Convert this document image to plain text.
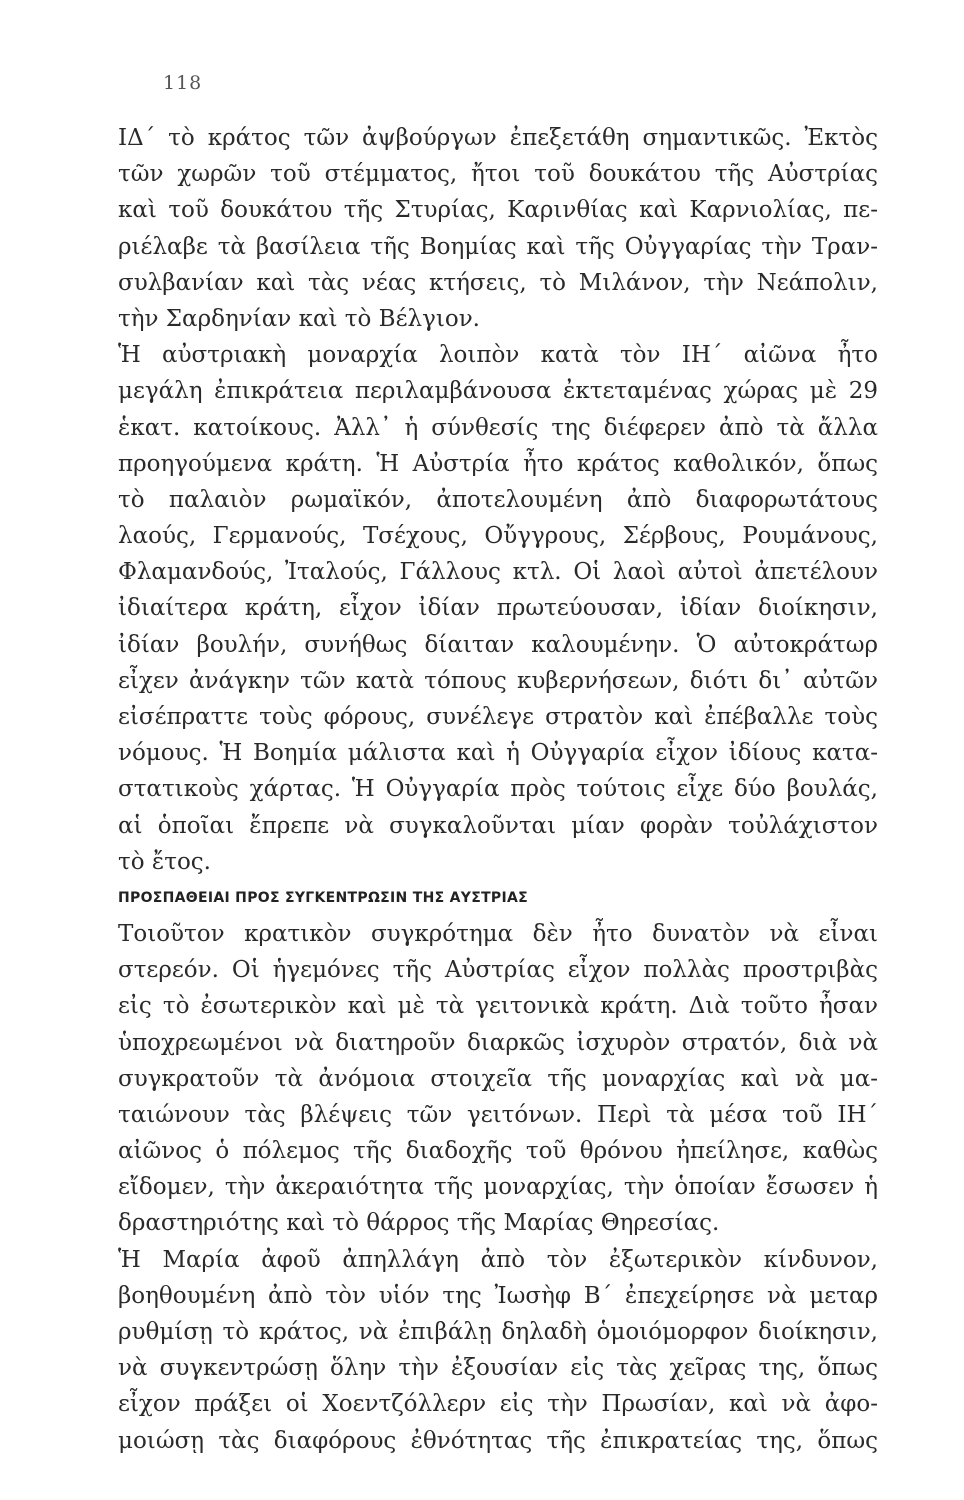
118
ΙΔ΄ τὸ κράτος τῶν ἀψβούργων ἐπεξετάθη σημαντικῶς. Ἐκτὸς
τῶν χωρῶν τοῦ στέμματος, ἤτοι τοῦ δουκάτου τῆς Αὐστρίας
καὶ τοῦ δουκάτου τῆς Στυρίας, Καρινθίας καὶ Καρνιολίας, πε-
ριέλαβε τὰ βασίλεια τῆς Βοημίας καὶ τῆς Οὐγγαρίας τὴν Τραν-
συλβανίαν καὶ τὰς νέας κτήσεις, τὸ Μιλάνον, τὴν Νεάπολιν,
τὴν Σαρδηνίαν καὶ τὸ Βέλγιον.
Ἡ αὐστριακὴ μοναρχία λοιπὸν κατὰ τὸν ΙΗ΄ αἰῶνα ἦτο
μεγάλη ἐπικράτεια περιλαμβάνουσα ἐκτεταμένας χώρας μὲ 29
ἑκατ. κατοίκους. Ἀλλ᾽ ἡ σύνθεσίς της διέφερεν ἀπὸ τὰ ἄλλα
προηγούμενα κράτη. Ἡ Αὐστρία ἦτο κράτος καθολικόν, ὅπως
τὸ παλαιὸν ρωμαϊκόν, ἀποτελουμένη ἀπὸ διαφορωτάτους
λαούς, Γερμανούς, Τσέχους, Οὔγγρους, Σέρβους, Ρουμάνους,
Φλαμανδούς, Ἰταλούς, Γάλλους κτλ. Οἱ λαοὶ αὐτοὶ ἀπετέλουν
ἰδιαίτερα κράτη, εἶχον ἰδίαν πρωτεύουσαν, ἰδίαν διοίκησιν,
ἰδίαν βουλήν, συνήθως δίαιταν καλουμένην. Ὁ αὐτοκράτωρ
εἶχεν ἀνάγκην τῶν κατὰ τόπους κυβερνήσεων, διότι δι᾽ αὐτῶν
εἰσέπραττε τοὺς φόρους, συνέλεγε στρατὸν καὶ ἐπέβαλλε τοὺς
νόμους. Ἡ Βοημία μάλιστα καὶ ἡ Οὐγγαρία εἶχον ἰδίους κατα-
στατικοὺς χάρτας. Ἡ Οὐγγαρία πρὸς τούτοις εἶχε δύο βουλάς,
αἱ ὁποῖαι ἔπρεπε νὰ συγκαλοῦνται μίαν φορὰν τοὐλάχιστον
τὸ ἔτος.
ΠΡΟΣΠΑΘΕΙΑΙ ΠΡΟΣ ΣΥΓΚΕΝΤΡΩΣΙΝ ΤΗΣ ΑΥΣΤΡΙΑΣ
Τοιοῦτον κρατικὸν συγκρότημα δὲν ἦτο δυνατὸν νὰ εἶναι
στερεόν. Οἱ ἡγεμόνες τῆς Αὐστρίας εἶχον πολλὰς προστριβὰς
εἰς τὸ ἐσωτερικὸν καὶ μὲ τὰ γειτονικὰ κράτη. Διὰ τοῦτο ἦσαν
ὑποχρεωμένοι νὰ διατηροῦν διαρκῶς ἰσχυρὸν στρατόν, διὰ νὰ
συγκρατοῦν τὰ ἀνόμοια στοιχεῖα τῆς μοναρχίας καὶ νὰ μα-
ταιώνουν τὰς βλέψεις τῶν γειτόνων. Περὶ τὰ μέσα τοῦ ΙΗ΄
αἰῶνος ὁ πόλεμος τῆς διαδοχῆς τοῦ θρόνου ἠπείλησε, καθὼς
εἴδομεν, τὴν ἀκεραιότητα τῆς μοναρχίας, τὴν ὁποίαν ἔσωσεν ἡ
δραστηριότης καὶ τὸ θάρρος τῆς Μαρίας Θηρεσίας.
Ἡ Μαρία ἀφοῦ ἀπηλλάγη ἀπὸ τὸν ἐξωτερικὸν κίνδυνον,
βοηθουμένη ἀπὸ τὸν υἱόν της Ἰωσὴφ Β΄ ἐπεχείρησε νὰ μεταρ
ρυθμίσῃ τὸ κράτος, νὰ ἐπιβάλῃ δηλαδὴ ὁμοιόμορφον διοίκησιν,
νὰ συγκεντρώσῃ ὅλην τὴν ἐξουσίαν εἰς τὰς χεῖρας της, ὅπως
εἶχον πράξει οἱ Χοεντζόλλερν εἰς τὴν Πρωσίαν, καὶ νὰ ἀφο-
μοιώσῃ τὰς διαφόρους ἐθνότητας τῆς ἐπικρατείας της, ὅπως
